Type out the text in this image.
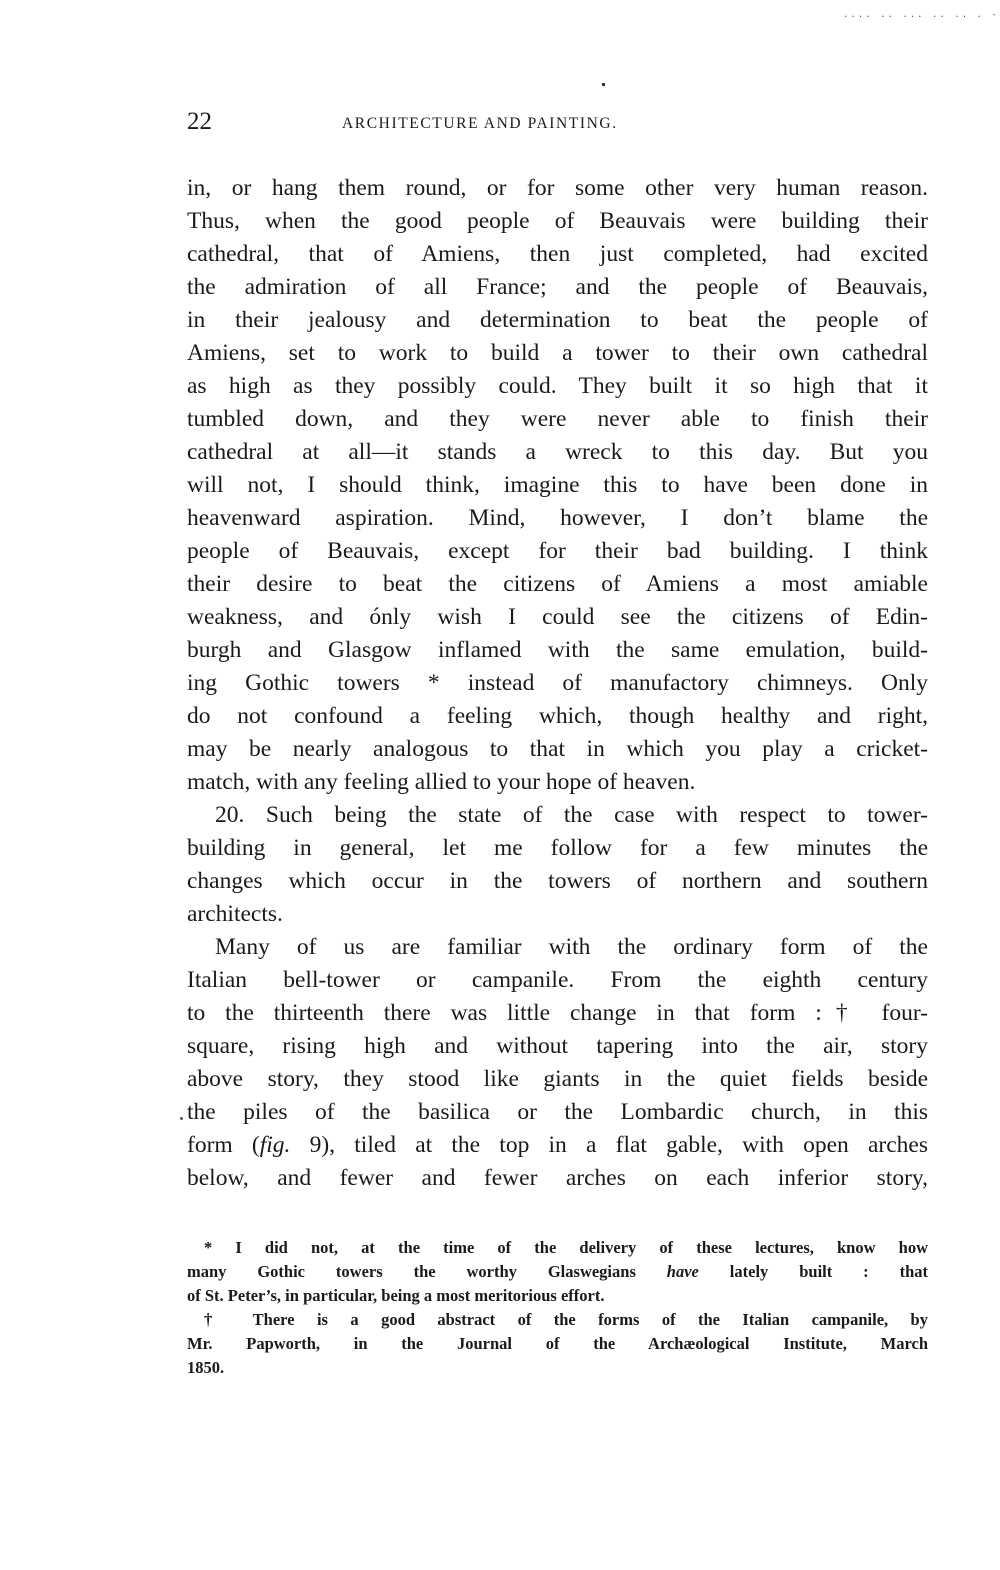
.... .. ... .. .. . -
22	ARCHITECTURE AND PAINTING.
in, or hang them round, or for some other very human reason.
Thus, when the good people of Beauvais were building their
cathedral, that of Amiens, then just completed, had excited
the admiration of all France; and the people of Beauvais,
in their jealousy and determination to beat the people of
Amiens, set to work to build a tower to their own cathedral
as high as they possibly could. They built it so high that it
tumbled down, and they were never able to finish their
cathedral at all—it stands a wreck to this day. But you
will not, I should think, imagine this to have been done in
heavenward aspiration. Mind, however, I don’t blame the
people of Beauvais, except for their bad building. I think
their desire to beat the citizens of Amiens a most amiable
weakness, and ónly wish I could see the citizens of Edin-
burgh and Glasgow inflamed with the same emulation, build-
ing Gothic towers * instead of manufactory chimneys. Only
do not confound a feeling which, though healthy and right,
may be nearly analogous to that in which you play a cricket-
match, with any feeling allied to your hope of heaven.
20. Such being the state of the case with respect to tower-
building in general, let me follow for a few minutes the
changes which occur in the towers of northern and southern
architects.
Many of us are familiar with the ordinary form of the
Italian bell-tower or campanile. From the eighth century
to the thirteenth there was little change in that form :† four-
square, rising high and without tapering into the air, story
above story, they stood like giants in the quiet fields beside
the piles of the basilica or the Lombardic church, in this
form (fig. 9), tiled at the top in a flat gable, with open arches
below, and fewer and fewer arches on each inferior story,
* I did not, at the time of the delivery of these lectures, know how
many Gothic towers the worthy Glaswegians have lately built : that
of St. Peter’s, in particular, being a most meritorious effort.
† There is a good abstract of the forms of the Italian campanile, by
Mr. Papworth, in the Journal of the Archæological Institute, March
1850.
